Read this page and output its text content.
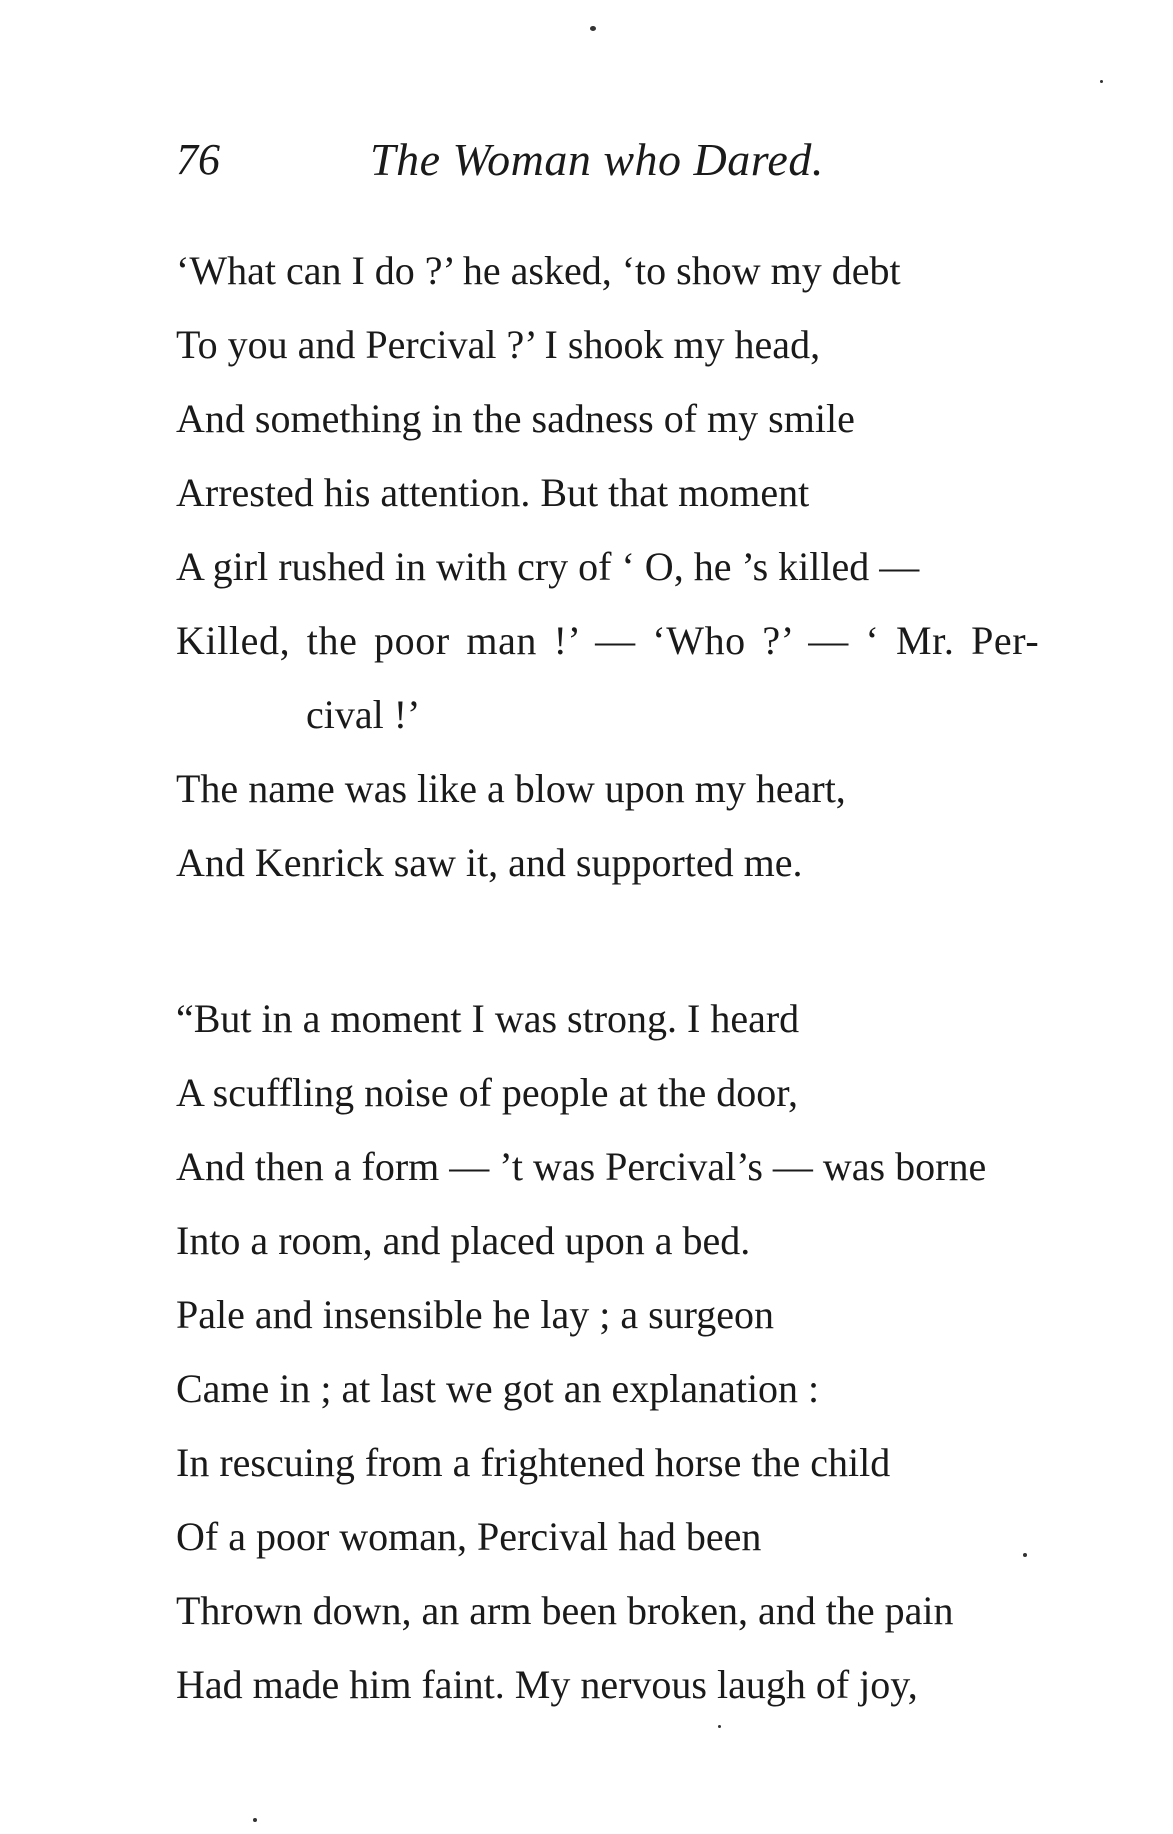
76	The Woman who Dared.
‘What can I do ?’ he asked, ‘to show my debt
To you and Percival ?’ I shook my head,
And something in the sadness of my smile
Arrested his attention. But that moment
A girl rushed in with cry of ‘ O, he ’s killed —
Killed, the poor man !’ — ‘Who ?’ — ‘ Mr. Per-
cival !’
The name was like a blow upon my heart,
And Kenrick saw it, and supported me.
“But in a moment I was strong. I heard
A scuffling noise of people at the door,
And then a form — ’t was Percival’s — was borne
Into a room, and placed upon a bed.
Pale and insensible he lay ; a surgeon
Came in ; at last we got an explanation :
In rescuing from a frightened horse the child
Of a poor woman, Percival had been
Thrown down, an arm been broken, and the pain
Had made him faint. My nervous laugh of joy,
